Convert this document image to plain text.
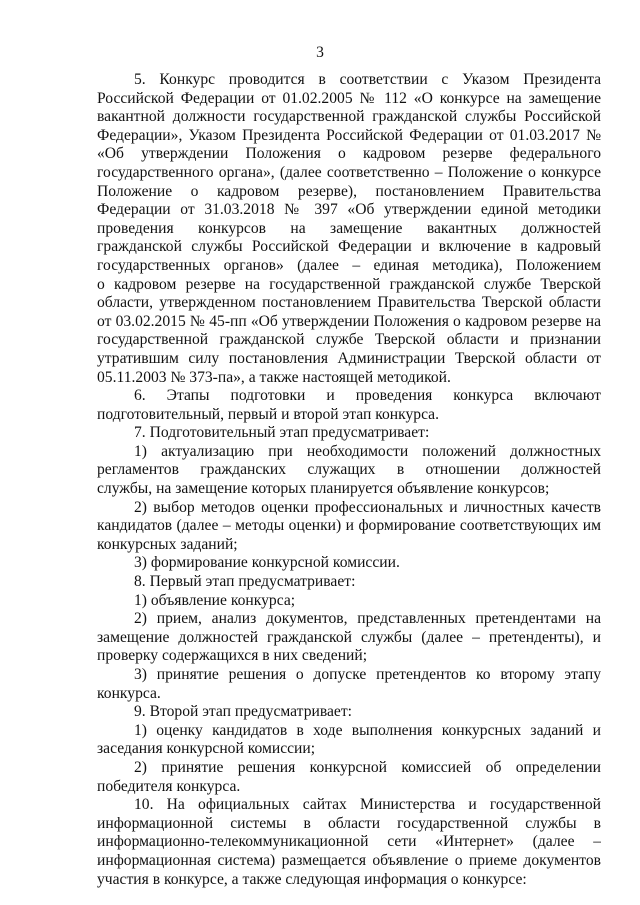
3
5. Конкурс проводится в соответствии с Указом Президента
Российской Федерации от 01.02.2005 № 112 «О конкурсе на замещение
вакантной должности государственной гражданской службы Российской
Федерации», Указом Президента Российской Федерации от 01.03.2017 №
«Об утверждении Положения о кадровом резерве федерального
государственного органа», (далее соответственно – Положение о конкурсе
Положение о кадровом резерве), постановлением Правительства
Федерации от 31.03.2018 № 397 «Об утверждении единой методики
проведения конкурсов на замещение вакантных должностей
гражданской службы Российской Федерации и включение в кадровый
государственных органов» (далее – единая методика), Положением
о кадровом резерве на государственной гражданской службе Тверской
области, утвержденном постановлением Правительства Тверской области
от 03.02.2015 № 45-пп «Об утверждении Положения о кадровом резерве на
государственной гражданской службе Тверской области и признании
утратившим силу постановления Администрации Тверской области от
05.11.2003 № 373-па», а также настоящей методикой.
6. Этапы подготовки и проведения конкурса включают
подготовительный, первый и второй этап конкурса.
7. Подготовительный этап предусматривает:
1) актуализацию при необходимости положений должностных
регламентов гражданских служащих в отношении должностей
службы, на замещение которых планируется объявление конкурсов;
2) выбор методов оценки профессиональных и личностных качеств
кандидатов (далее – методы оценки) и формирование соответствующих им
конкурсных заданий;
3) формирование конкурсной комиссии.
8. Первый этап предусматривает:
1) объявление конкурса;
2) прием, анализ документов, представленных претендентами на
замещение должностей гражданской службы (далее – претенденты), и
проверку содержащихся в них сведений;
3) принятие решения о допуске претендентов ко второму этапу
конкурса.
9. Второй этап предусматривает:
1) оценку кандидатов в ходе выполнения конкурсных заданий и
заседания конкурсной комиссии;
2) принятие решения конкурсной комиссией об определении
победителя конкурса.
10. На официальных сайтах Министерства и государственной
информационной системы в области государственной службы в
информационно-телекоммуникационной сети «Интернет» (далее –
информационная система) размещается объявление о приеме документов
участия в конкурсе, а также следующая информация о конкурсе:
